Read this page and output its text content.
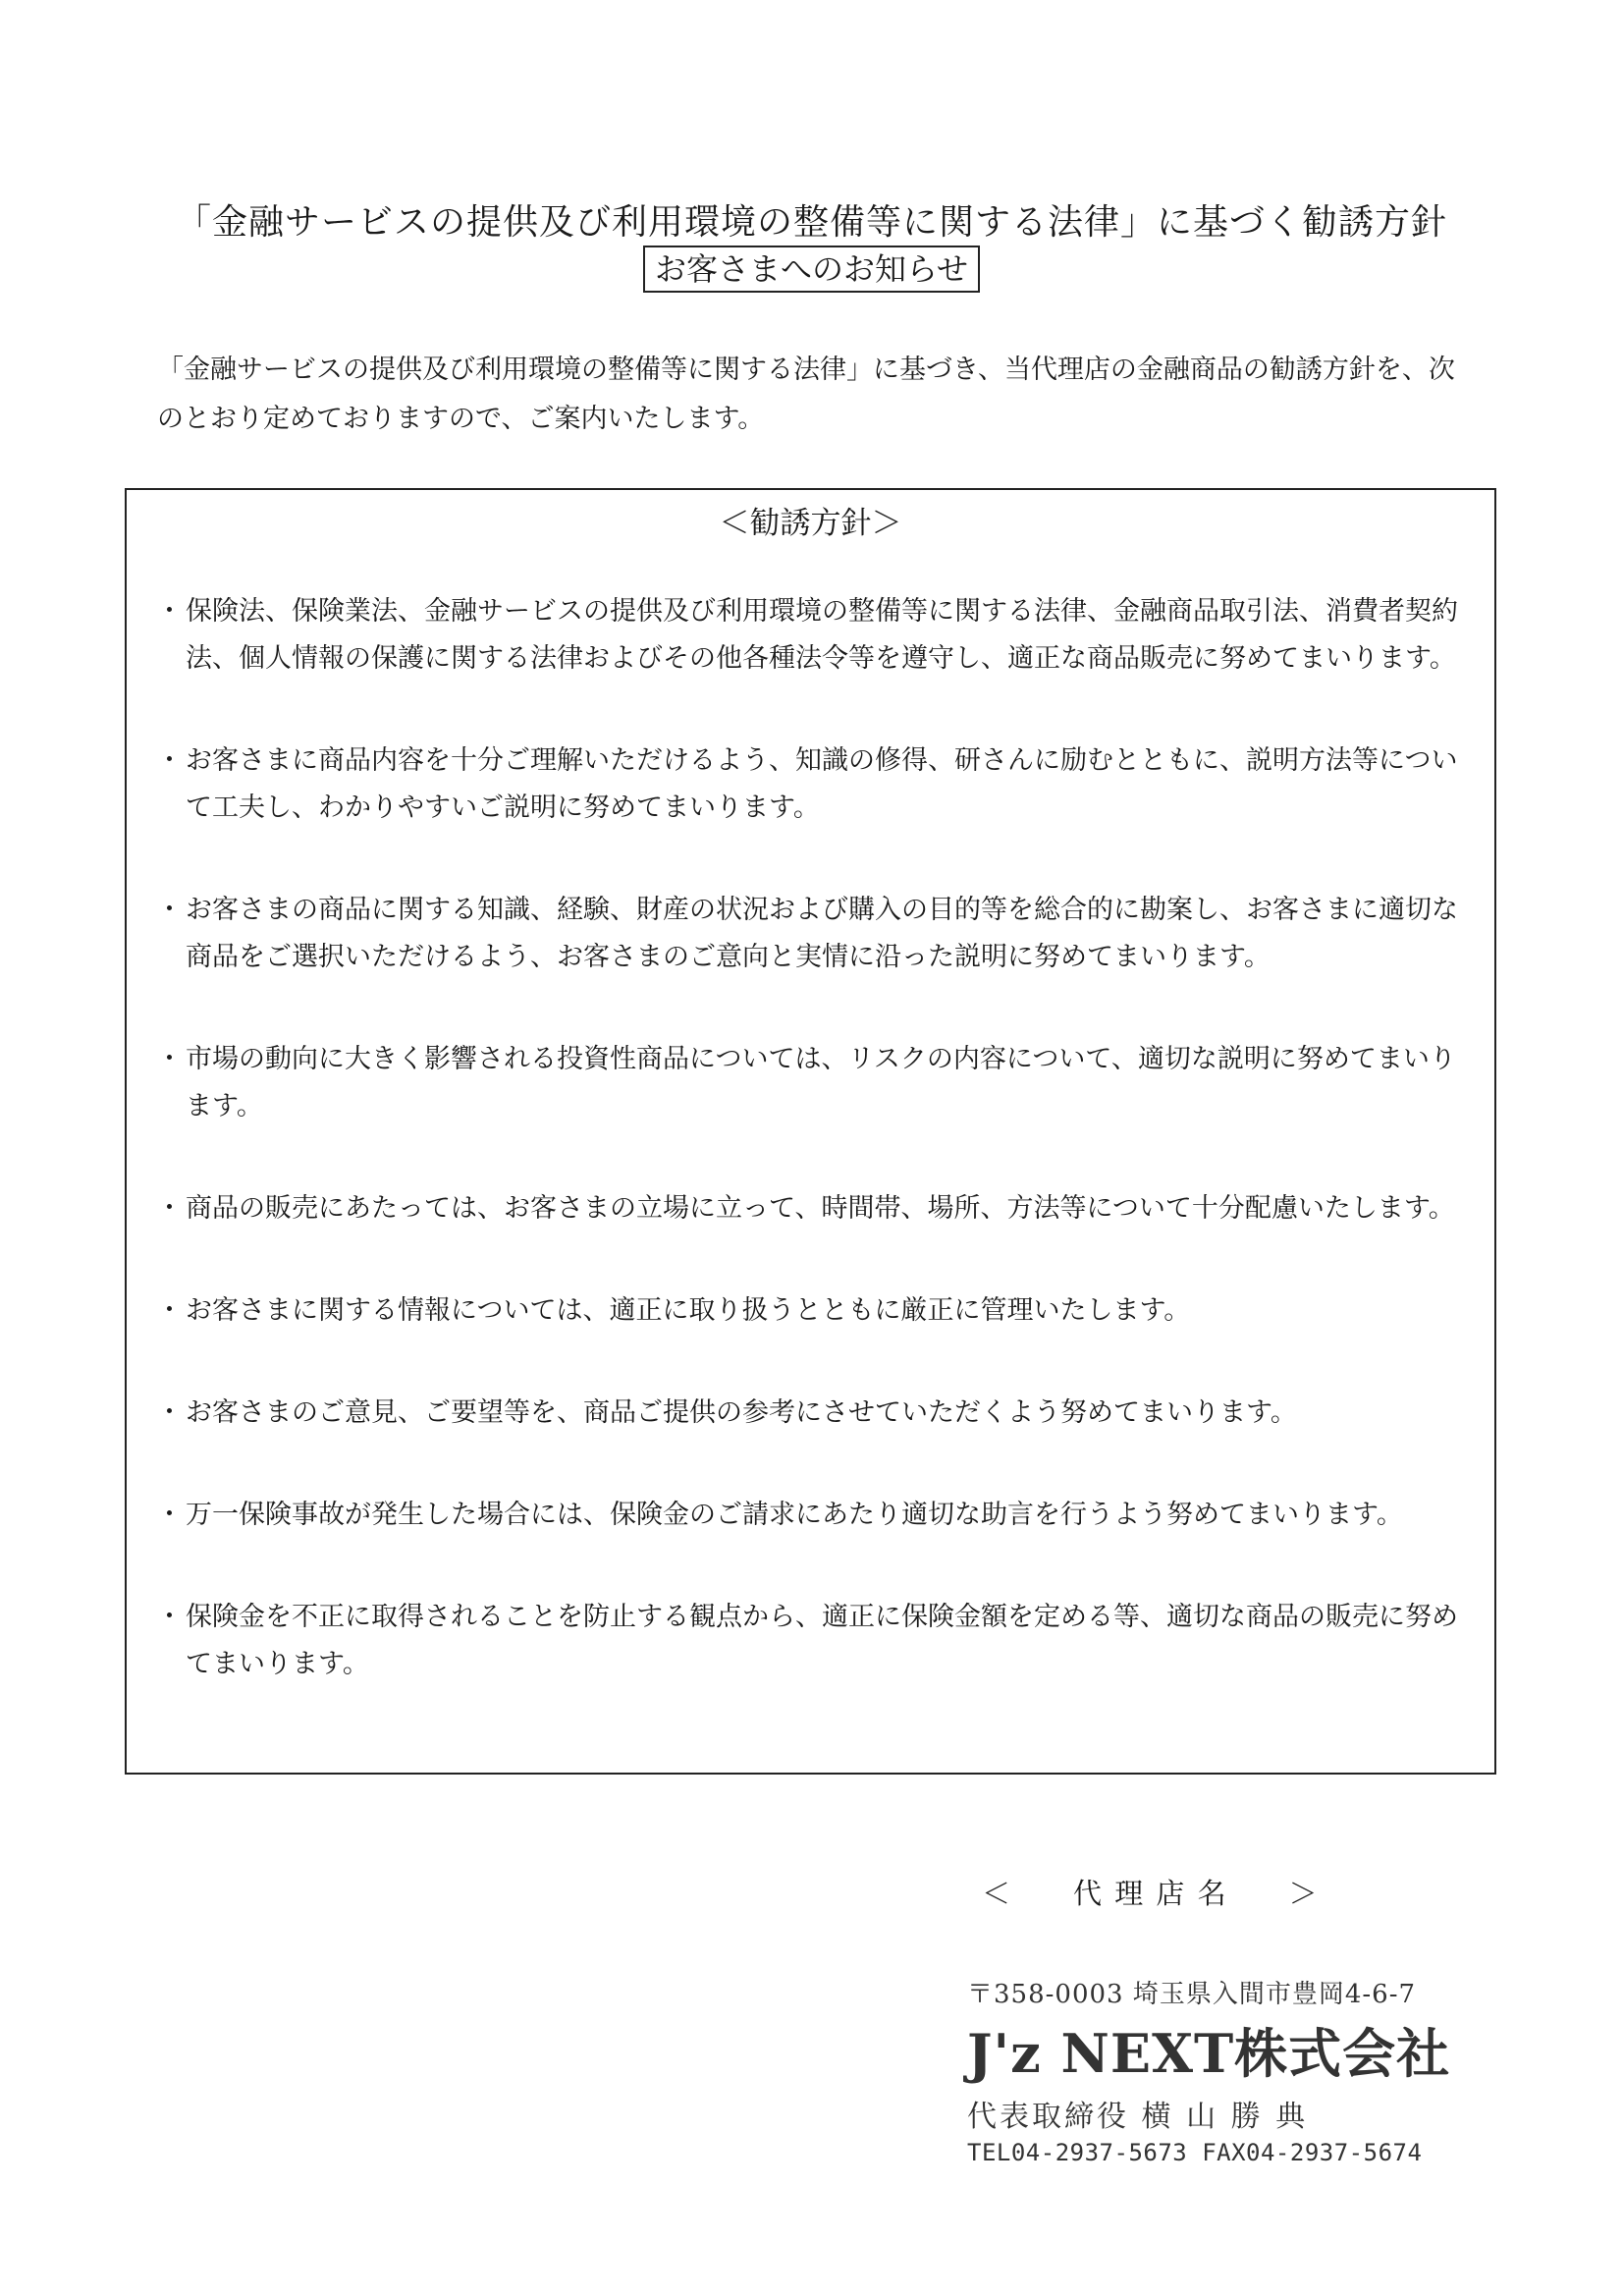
「金融サービスの提供及び利用環境の整備等に関する法律」に基づく勧誘方針
お客さまへのお知らせ
「金融サービスの提供及び利用環境の整備等に関する法律」に基づき、当代理店の金融商品の勧誘方針を、次のとおり定めておりますので、ご案内いたします。
＜勧誘方針＞
・ 保険法、保険業法、金融サービスの提供及び利用環境の整備等に関する法律、金融商品取引法、消費者契約法、個人情報の保護に関する法律およびその他各種法令等を遵守し、適正な商品販売に努めてまいります。
・ お客さまに商品内容を十分ご理解いただけるよう、知識の修得、研さんに励むとともに、説明方法等について工夫し、わかりやすいご説明に努めてまいります。
・ お客さまの商品に関する知識、経験、財産の状況および購入の目的等を総合的に勘案し、お客さまに適切な商品をご選択いただけるよう、お客さまのご意向と実情に沿った説明に努めてまいります。
・ 市場の動向に大きく影響される投資性商品については、リスクの内容について、適切な説明に努めてまいります。
・ 商品の販売にあたっては、お客さまの立場に立って、時間帯、場所、方法等について十分配慮いたします。
・ お客さまに関する情報については、適正に取り扱うとともに厳正に管理いたします。
・ お客さまのご意見、ご要望等を、商品ご提供の参考にさせていただくよう努めてまいります。
・ 万一保険事故が発生した場合には、保険金のご請求にあたり適切な助言を行うよう努めてまいります。
・ 保険金を不正に取得されることを防止する観点から、適正に保険金額を定める等、適切な商品の販売に努めてまいります。
＜　　代 理 店 名　　＞
〒358-0003 埼玉県入間市豊岡4-6-7
J'z NEXT株式会社
代表取締役 横 山 勝 典
TEL04-2937-5673 FAX04-2937-5674
